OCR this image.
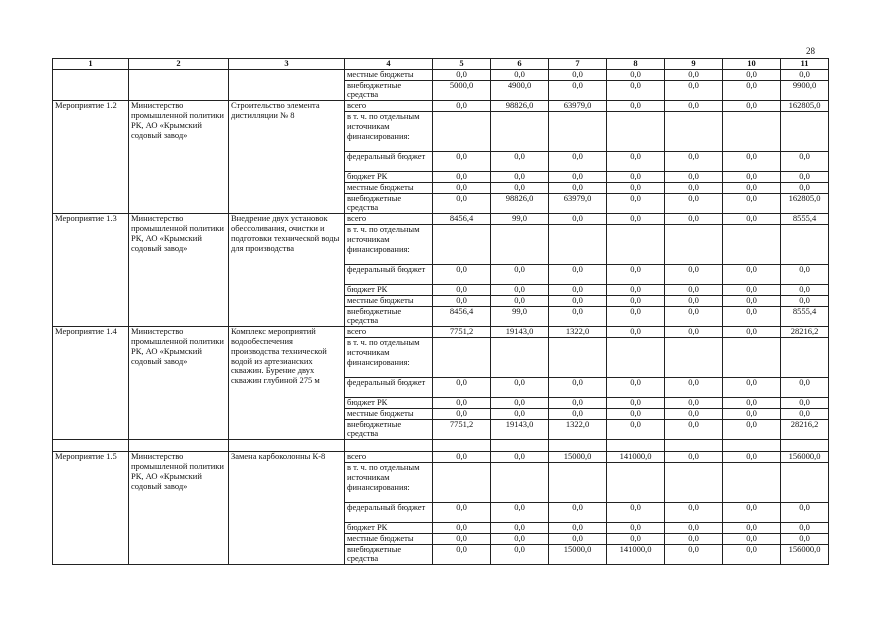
28
1	2	3	4	5	6	7	8	9	10	11
			местные бюджеты	0,0	0,0	0,0	0,0	0,0	0,0	0,0
			внебюджетные средства	5000,0	4900,0	0,0	0,0	0,0	0,0	9900,0
Мероприятие 1.2	Министерство промышленной политики РК, АО «Крымский содовый завод»	Строительство элемента дистилляции № 8	всего	0,0	98826,0	63979,0	0,0	0,0	0,0	162805,0
			в т. ч. по отдельным источникам финансирования:							
			федеральный бюджет	0,0	0,0	0,0	0,0	0,0	0,0	0,0
			бюджет РК	0,0	0,0	0,0	0,0	0,0	0,0	0,0
			местные бюджеты	0,0	0,0	0,0	0,0	0,0	0,0	0,0
			внебюджетные средства	0,0	98826,0	63979,0	0,0	0,0	0,0	162805,0
Мероприятие 1.3	Министерство промышленной политики РК, АО «Крымский содовый завод»	Внедрение двух установок обессоливания, очистки и подготовки технической воды для производства	всего	8456,4	99,0	0,0	0,0	0,0	0,0	8555,4
			в т. ч. по отдельным источникам финансирования:							
			федеральный бюджет	0,0	0,0	0,0	0,0	0,0	0,0	0,0
			бюджет РК	0,0	0,0	0,0	0,0	0,0	0,0	0,0
			местные бюджеты	0,0	0,0	0,0	0,0	0,0	0,0	0,0
			внебюджетные средства	8456,4	99,0	0,0	0,0	0,0	0,0	8555,4
Мероприятие 1.4	Министерство промышленной политики РК, АО «Крымский содовый завод»	Комплекс мероприятий водообеспечения производства технической водой из артезианских скважин. Бурение двух скважин глубиной 275 м	всего	7751,2	19143,0	1322,0	0,0	0,0	0,0	28216,2
			в т. ч. по отдельным источникам финансирования:							
			федеральный бюджет	0,0	0,0	0,0	0,0	0,0	0,0	0,0
			бюджет РК	0,0	0,0	0,0	0,0	0,0	0,0	0,0
			местные бюджеты	0,0	0,0	0,0	0,0	0,0	0,0	0,0
			внебюджетные средства	7751,2	19143,0	1322,0	0,0	0,0	0,0	28216,2

Мероприятие 1.5	Министерство промышленной политики РК, АО «Крымский содовый завод»	Замена карбоколонны К-8	всего	0,0	0,0	15000,0	141000,0	0,0	0,0	156000,0
			в т. ч. по отдельным источникам финансирования:							
			федеральный бюджет	0,0	0,0	0,0	0,0	0,0	0,0	0,0
			бюджет РК	0,0	0,0	0,0	0,0	0,0	0,0	0,0
			местные бюджеты	0,0	0,0	0,0	0,0	0,0	0,0	0,0
			внебюджетные средства	0,0	0,0	15000,0	141000,0	0,0	0,0	156000,0
